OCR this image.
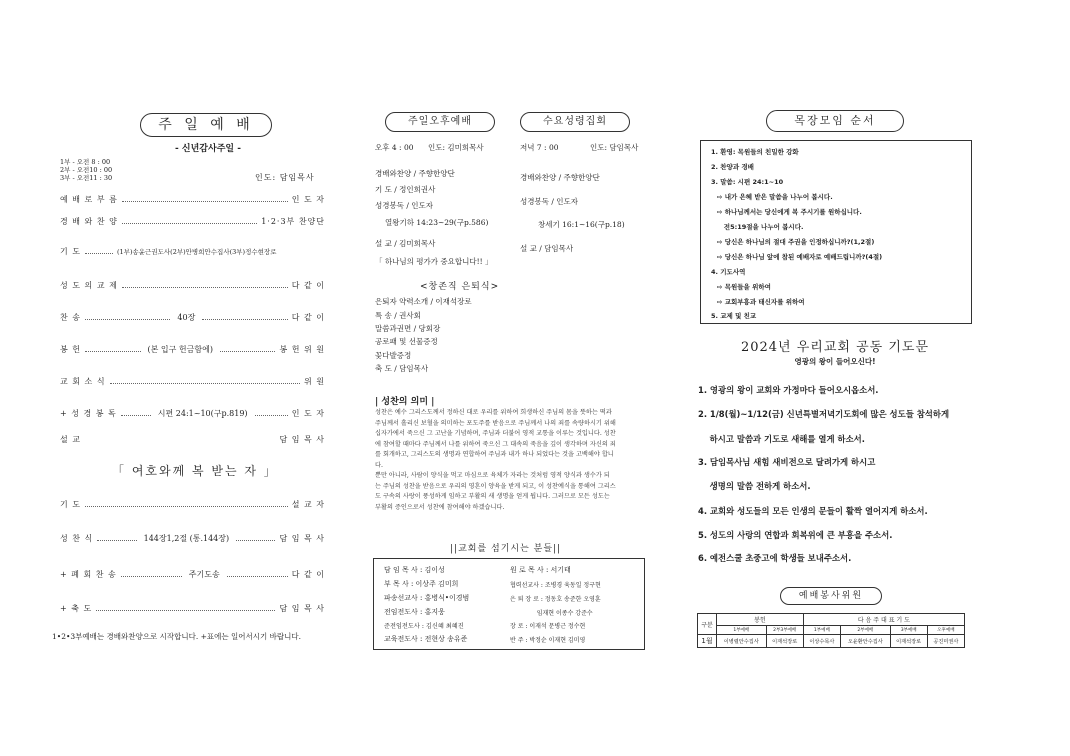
주 일 예 배
- 신년감사주일 -
1부 - 오전 8 : 00
2부 - 오전10 : 00
3부 - 오전11 : 30	인도: 담임목사
예 배 로 부 름	인 도 자
경 배 와 찬 양	1·2·3부 찬양단
기 도	(1부)송윤근권도사(2부)안병희안수집사(3부)정수현장로
성 도 의 교 제	다 같 이
찬 송	40장	다 같 이
봉 헌	(본 입구 헌금함에)	봉 헌 위 원
교 회 소 식	위 원
+ 성 경 봉 독	시편 24:1~10(구p.819)	인 도 자
설 교	담 임 목 사
「 여호와께 복 받는 자 」
기 도	설 교 자
성 찬 식	144장1,2절 (통.144장)	담 임 목 사
+ 폐 회 찬 송	주기도송	다 같 이
+ 축 도	담 임 목 사
1•2•3부예배는 경배와찬양으로 시작합니다. +표에는 일어서시기 바랍니다.
주일오후예배	수요성령집회
오후 4 : 00 인도: 김미희목사
경배와찬양 / 주향한양단
기 도 / 정인희권사
성경봉독 / 인도자
열왕기하 14:23~29(구p.586)
설 교 / 김미희목사
「 하나님의 평가가 중요합니다!! 」
저녁 7 : 00	인도: 담임목사
경배와찬양 / 주향한양단
성경봉독 / 인도자
창세기 16:1~16(구p.18)
설 교 / 담임목사
<창존직 은퇴식>
은퇴자 약력소개 / 이재석장로
특 송 / 권사회
말씀과권면 / 당회장
공로패 및 선물증정
꽃다발증정
축 도 / 담임목사
| 성찬의 의미 |
성찬은 예수 그리스도께서 정하신 대로 우리를 위하여 희생하신 주님의 몸을 뜻하는 떡과
주님께서 흘리신 보혈을 의미하는 포도주를 받음으로 주님께서 나의 죄를 속량하시기 위해
십자가에서 죽으신 그 고난을 기념하며, 주님과 더불어 영적 교통을 이루는 것입니다. 성찬
에 참여할 때마다 주님께서 나를 위하여 죽으신 그 대속의 죽음을 깊이 생각하며 자신의 죄
를 회개하고, 그리스도의 생명과 연합하여 주님과 내가 하나 되었다는 것을 고백해야 합니
다.
뿐만 아니라, 사람이 양식을 먹고 마심으로 육체가 자라는 것처럼 영적 양식과 생수가 되
는 주님의 성찬을 받음으로 우리의 영혼이 양육을 받게 되고, 이 성찬예식을 통해여 그리스
도 구속의 사랑이 풍성하게 임하고 부활의 새 생명을 얻게 됩니다. 그러므로 모든 성도는
부활의 증인으로서 성찬에 참여해야 하겠습니다.
||교회를 섬기시는 분들||
담 임 목 사 : 김이성	원 로 목 사 : 서기태
부 목 사 : 이상주 김미희	협력선교사 : 조병경 육동일 정구현
파송선교사 : 홍병식•이경범	은 퇴 장 로 : 정동호 송준한 오영훈
전임전도사 : 홍지웅	임재현 이종수 강준수
준전임전도사 : 김신혜 최혜진	장 로 : 이재석 문병근 정수현
교육전도사 : 전현상 송유준	반 주 : 박정순 이재현 김미영
목장모임 순서
1. 환영: 목원들의 친밀한 강화
2. 찬양과 경배
3. 말씀: 시편 24:1~10
⇨ 내가 은혜 받은 말씀을 나누어 봅시다.
⇨ 하나님께서는 당신에게 복 주시기를 원하십니다.
전5:19절을 나누어 봅시다.
⇨ 당신은 하나님의 절대 주권을 인정하십니까?(1,2절)
⇨ 당신은 하나님 앞에 참된 예배자로 예배드립니까?(4절)
4. 기도사역
⇨ 목원들을 위하여
⇨ 교회부흥과 태신자를 위하여
5. 교제 및 친교
2024년 우리교회 공동 기도문
영광의 왕이 들어오신다!
1. 영광의 왕이 교회와 가정마다 들어오시옵소서.
2. 1/8(월)~1/12(금) 신년특별저녁기도회에 많은 성도들 참석하게
하시고 말씀과 기도로 새해를 열게 하소서.
3. 담임목사님 새힘 새비전으로 달려가게 하시고
생명의 말씀 전하게 하소서.
4. 교회와 성도들의 모든 인생의 문들이 활짝 열어지게 하소서.
5. 성도의 사랑의 연합과 회복위에 큰 부흥을 주소서.
6. 예전스쿨 초중고에 학생들 보내주소서.
예배봉사위원
구분	봉헌		다 음 주 대 표 기 도			
	1부예배	2부3부예배	1부예배	2부예배	3부예배	오후예배
1월	이병렬안수집사	이재석장로	이상수목사	오윤환안수집사	이재석장로	공진미권사
